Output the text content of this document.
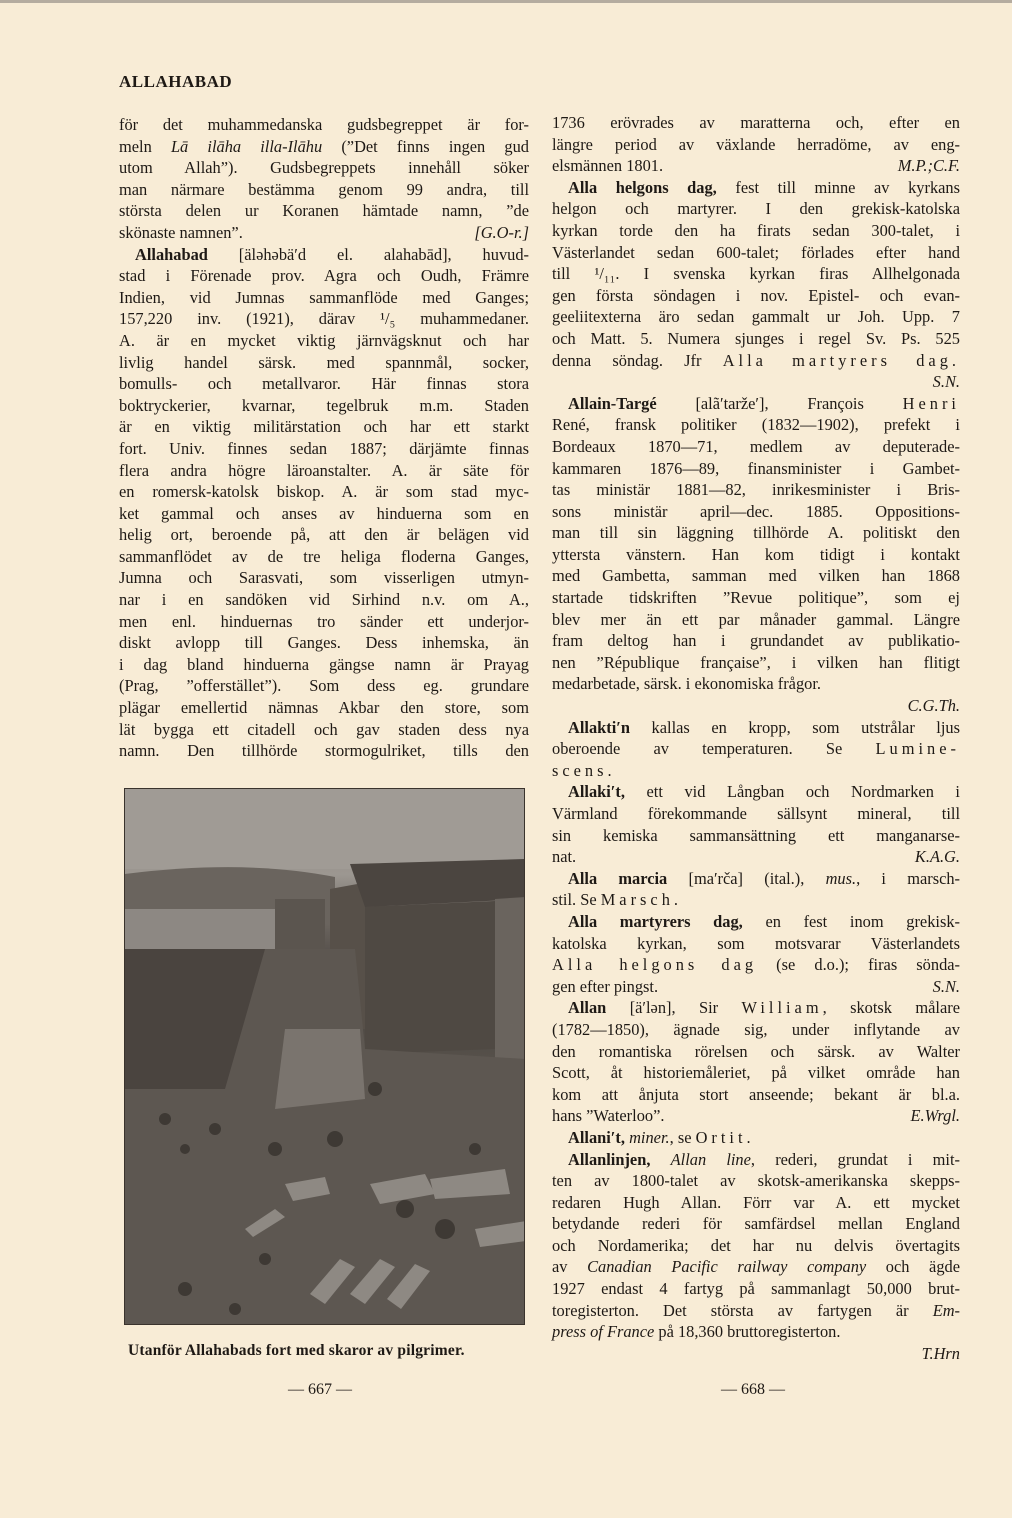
ALLAHABAD
för det muhammedanska gudsbegreppet är for-
meln Lā ilāha illa-Ilāhu (”Det finns ingen gud
utom Allah”). Gudsbegreppets innehåll söker
man närmare bestämma genom 99 andra, till
största delen ur Koranen hämtade namn, ”de
skönaste namnen”.	[G.O-r.]
Allahabad [äləhəbä′d el. alahabād], huvud-
stad i Förenade prov. Agra och Oudh, Främre
Indien, vid Jumnas sammanflöde med Ganges;
157,220 inv. (1921), därav ¹/₅ muhammedaner.
A. är en mycket viktig järnvägsknut och har
livlig handel särsk. med spannmål, socker,
bomulls- och metallvaror. Här finnas stora
boktryckerier, kvarnar, tegelbruk m.m. Staden
är en viktig militärstation och har ett starkt
fort. Univ. finnes sedan 1887; därjämte finnas
flera andra högre läroanstalter. A. är säte för
en romersk-katolsk biskop. A. är som stad myc-
ket gammal och anses av hinduerna som en
helig ort, beroende på, att den är belägen vid
sammanflödet av de tre heliga floderna Ganges,
Jumna och Sarasvati, som visserligen utmyn-
nar i en sandöken vid Sirhind n.v. om A.,
men enl. hinduernas tro sänder ett underjor-
diskt avlopp till Ganges. Dess inhemska, än
i dag bland hinduerna gängse namn är Prayag
(Prag, ”offerstället”). Som dess eg. grundare
plägar emellertid nämnas Akbar den store, som
lät bygga ett citadell och gav staden dess nya
namn. Den tillhörde stormogulriket, tills den
Utanför Allahabads fort med skaror av pilgrimer.
1736 erövrades av maratterna och, efter en
längre period av växlande herradöme, av eng-
elsmännen 1801.	M.P.;C.F.
Alla helgons dag, fest till minne av kyrkans
helgon och martyrer. I den grekisk-katolska
kyrkan torde den ha firats sedan 300-talet, i
Västerlandet sedan 600-talet; förlades efter hand
till ¹/₁₁. I svenska kyrkan firas Allhelgonada
gen första söndagen i nov. Epistel- och evan-
geeliitexterna äro sedan gammalt ur Joh. Upp. 7
och Matt. 5. Numera sjunges i regel Sv. Ps. 525
denna söndag. Jfr Alla martyrers dag.
S.N.
Allain-Targé [alã′tarže′], François Henri
René, fransk politiker (1832—1902), prefekt i
Bordeaux 1870—71, medlem av deputerade-
kammaren 1876—89, finansminister i Gambet-
tas ministär 1881—82, inrikesminister i Bris-
sons ministär april—dec. 1885. Oppositions-
man till sin läggning tillhörde A. politiskt den
yttersta vänstern. Han kom tidigt i kontakt
med Gambetta, samman med vilken han 1868
startade tidskriften ”Revue politique”, som ej
blev mer än ett par månader gammal. Längre
fram deltog han i grundandet av publikatio-
nen ”République française”, i vilken han flitigt
medarbetade, särsk. i ekonomiska frågor.
C.G.Th.
Allakti′n kallas en kropp, som utstrålar ljus
oberoende av temperaturen. Se Lumine-
scens.
Allaki′t, ett vid Långban och Nordmarken i
Värmland förekommande sällsynt mineral, till
sin kemiska sammansättning ett manganarse-
nat.	K.A.G.
Alla marcia [ma′rča] (ital.), mus., i marsch-
stil. Se Marsch.
Alla martyrers dag, en fest inom grekisk-
katolska kyrkan, som motsvarar Västerlandets
Alla helgons dag (se d.o.); firas sönda-
gen efter pingst.	S.N.
Allan [ä′lən], Sir William, skotsk målare
(1782—1850), ägnade sig, under inflytande av
den romantiska rörelsen och särsk. av Walter
Scott, åt historiemåleriet, på vilket område han
kom att ånjuta stort anseende; bekant är bl.a.
hans ”Waterloo”.	E.Wrgl.
Allani′t, miner., se Ortit.
Allanlinjen, Allan line, rederi, grundat i mit-
ten av 1800-talet av skotsk-amerikanska skepps-
redaren Hugh Allan. Förr var A. ett mycket
betydande rederi för samfärdsel mellan England
och Nordamerika; det har nu delvis övertagits
av Canadian Pacific railway company och ägde
1927 endast 4 fartyg på sammanlagt 50,000 brut-
toregisterton. Det största av fartygen är Em-
press of France på 18,360 bruttoregisterton.
T.Hrn
— 667 —	— 668 —
